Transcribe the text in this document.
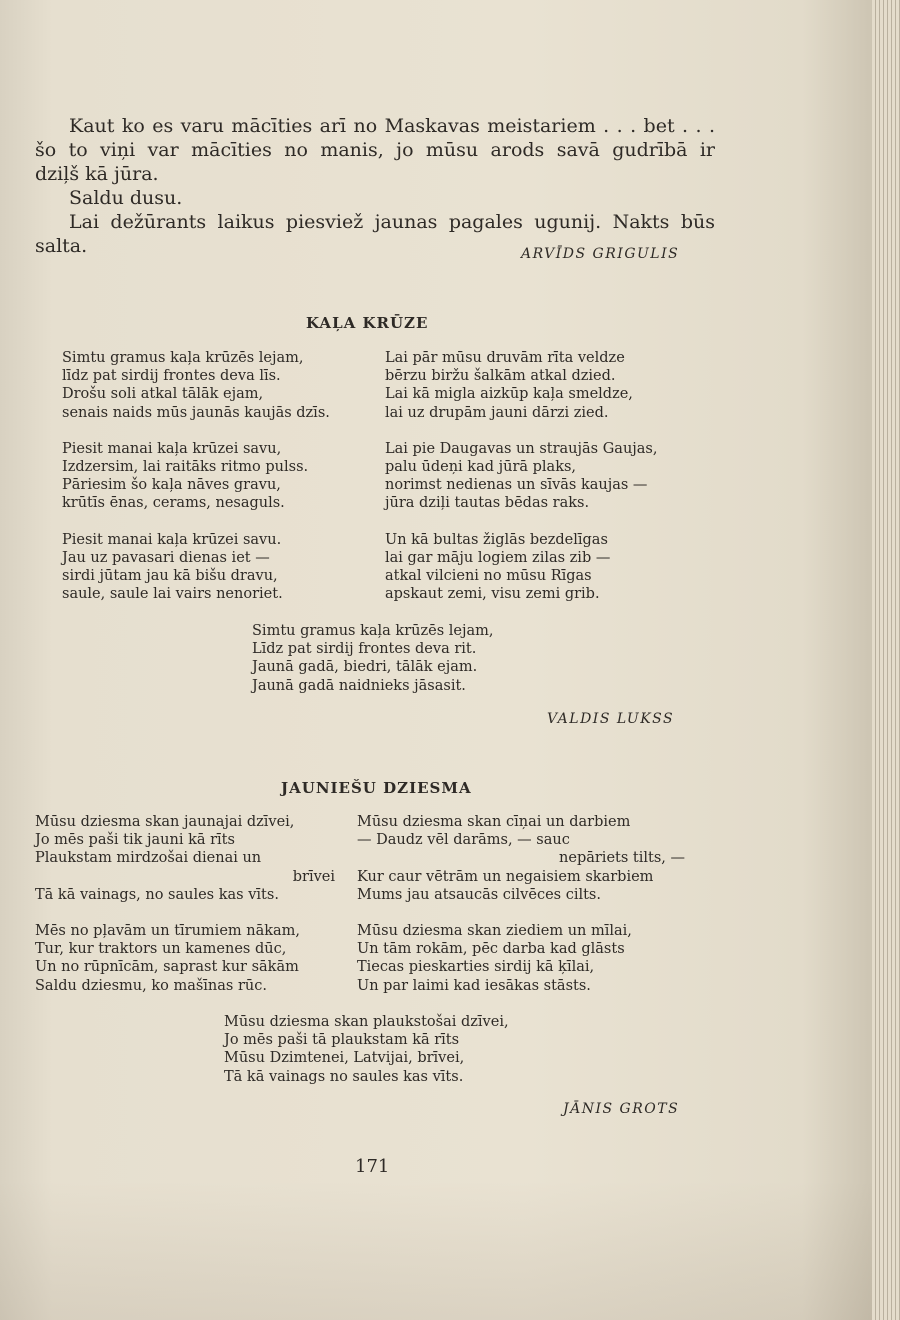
Kaut ko es varu mācīties arī no Maskavas meistariem . . . bet . . .
šo to viņi var mācīties no manis, jo mūsu arods savā gudrībā ir
dziļš kā jūra.
Saldu dusu.
Lai dežūrants laikus piesviež jaunas pagales ugunij. Nakts būs
salta.	ARVĪDS GRIGULIS
KAĻA KRŪZE
Simtu gramus kaļa krūzēs lejam,
līdz pat sirdij frontes deva līs.
Drošu soli atkal tālāk ejam,
senais naids mūs jaunās kaujās dzīs.
Piesit manai kaļa krūzei savu,
Izdzersim, lai raitāks ritmo pulss.
Pāriesim šo kaļa nāves gravu,
krūtīs ēnas, cerams, nesaguls.
Piesit manai kaļa krūzei savu.
Jau uz pavasari dienas iet —
sirdi jūtam jau kā bišu dravu,
saule, saule lai vairs nenoriet.
Lai pār mūsu druvām rīta veldze
bērzu biržu šalkām atkal dzied.
Lai kā migla aizkūp kaļa smeldze,
lai uz drupām jauni dārzi zied.
Lai pie Daugavas un straujās Gaujas,
palu ūdeņi kad jūrā plaks,
norimst nedienas un sīvās kaujas —
jūra dziļi tautas bēdas raks.
Un kā bultas žiglās bezdelīgas
lai gar māju logiem zilas zib —
atkal vilcieni no mūsu Rīgas
apskaut zemi, visu zemi grib.
Simtu gramus kaļa krūzēs lejam,
Līdz pat sirdij frontes deva rit.
Jaunā gadā, biedri, tālāk ejam.
Jaunā gadā naidnieks jāsasit.
VALDIS LUKSS
JAUNIEŠU DZIESMA
Mūsu dziesma skan jaunajai dzīvei,
Jo mēs paši tik jauni kā rīts
Plaukstam mirdzošai dienai un
brīvei
Tā kā vainags, no saules kas vīts.
Mēs no pļavām un tīrumiem nākam,
Tur, kur traktors un kamenes dūc,
Un no rūpnīcām, saprast kur sākām
Saldu dziesmu, ko mašīnas rūc.
Mūsu dziesma skan cīņai un darbiem
— Daudz vēl darāms, — sauc
nepāriets tilts, —
Kur caur vētrām un negaisiem skarbiem
Mums jau atsaucās cilvēces cilts.
Mūsu dziesma skan ziediem un mīlai,
Un tām rokām, pēc darba kad glāsts
Tiecas pieskarties sirdij kā ķīlai,
Un par laimi kad iesākas stāsts.
Mūsu dziesma skan plaukstošai dzīvei,
Jo mēs paši tā plaukstam kā rīts
Mūsu Dzimtenei, Latvijai, brīvei,
Tā kā vainags no saules kas vīts.
JĀNIS GROTS
171
